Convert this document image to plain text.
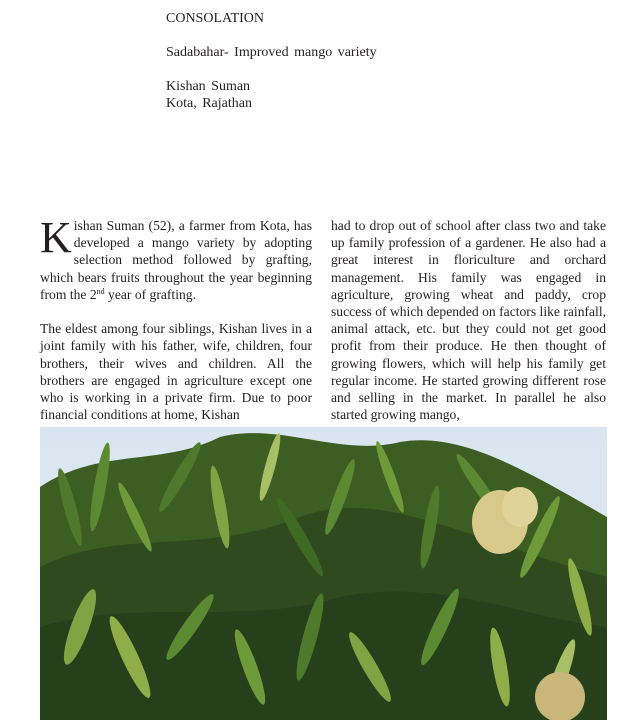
CONSOLATION

Sadabahar- Improved mango variety

Kishan Suman

Kota, Rajathan

Kishan Suman (52), a farmer from Kota, has developed a mango variety by adopting selection method followed by grafting, which bears fruits throughout the year beginning from the 2nd year of grafting.

The eldest among four siblings, Kishan lives in a joint family with his father, wife, children, four brothers, their wives and children. All the brothers are engaged in agriculture except one who is working in a private firm. Due to poor financial conditions at home, Kishan

had to drop out of school after class two and take up family profession of a gardener. He also had a great interest in floriculture and orchard management. His family was engaged in agriculture, growing wheat and paddy, crop success of which depended on factors like rainfall, animal attack, etc. but they could not get good profit from their produce. He then thought of growing flowers, which will help his family get regular income. He started growing different rose and selling in the market. In parallel he also started growing mango,
